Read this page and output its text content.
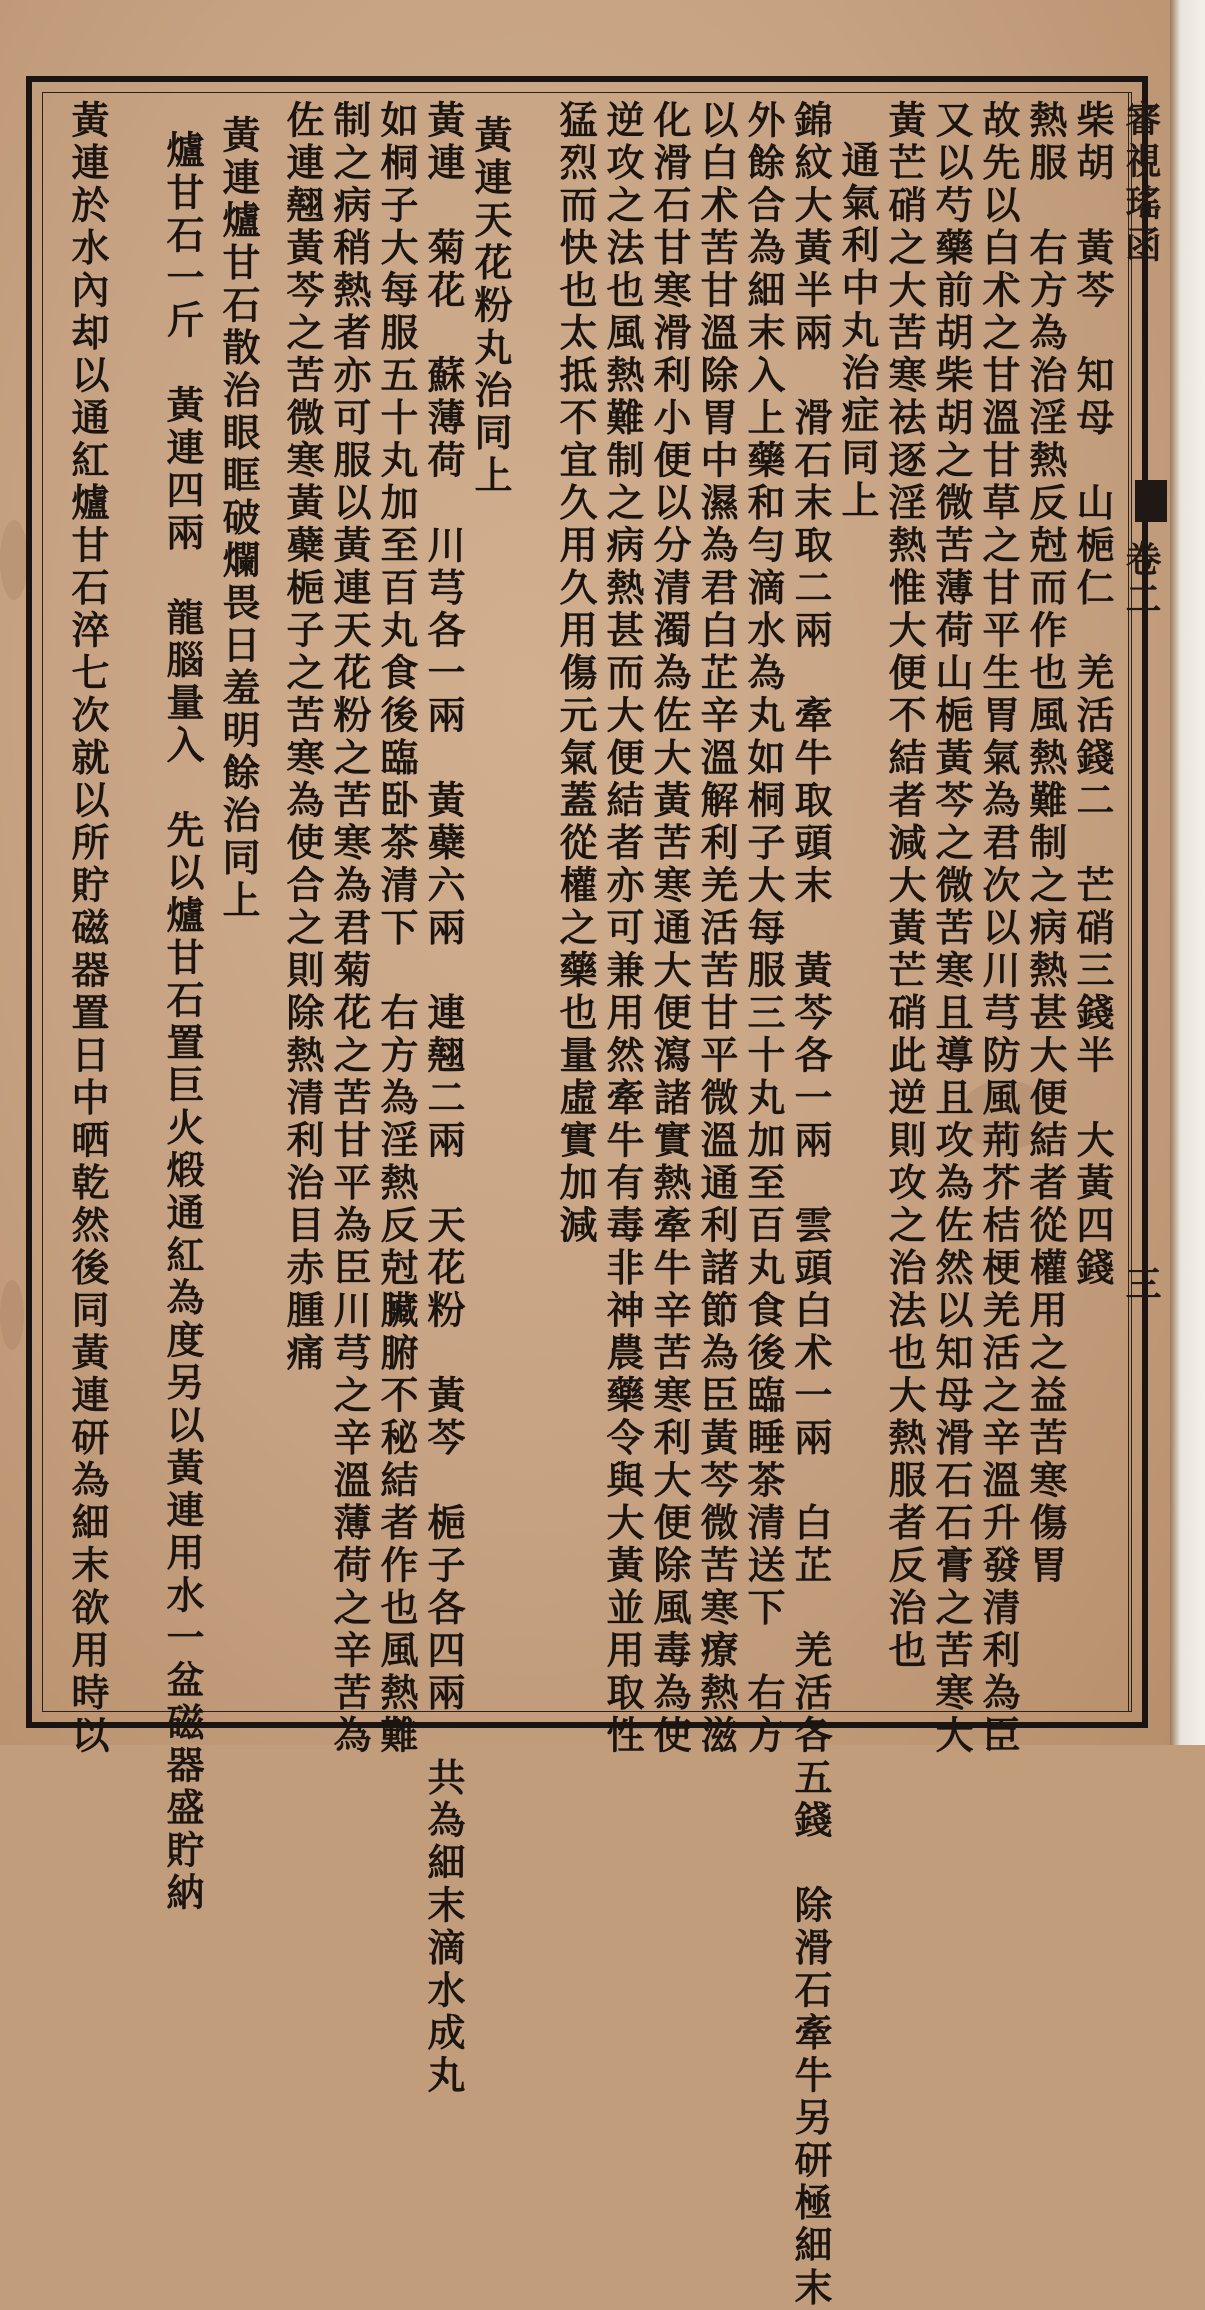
審視瑤函
卷二
三
柴胡　黃芩　知母　山梔仁　羌活錢二　芒硝三錢半　大黃四錢
熱服　右方為治淫熱反尅而作也風熱難制之病熱甚大便結者從權用之益苦寒傷胃
故先以白术之甘溫甘草之甘平生胃氣為君次以川芎防風荊芥桔梗羌活之辛溫升發清利為臣
又以芍藥前胡柴胡之微苦薄荷山梔黃芩之微苦寒且導且攻為佐然以知母滑石石膏之苦寒大
黃芒硝之大苦寒祛逐淫熱惟大便不結者減大黃芒硝此逆則攻之治法也大熱服者反治也
通氣利中丸治症同上
錦紋大黃半兩　滑石末取二兩　牽牛取頭末　黃芩各一兩　雲頭白术一兩　白芷　羌活各五錢　除滑石牽牛另研極細末
外餘合為細末入上藥和勻滴水為丸如桐子大每服三十丸加至百丸食後臨睡茶清送下　右方
以白术苦甘溫除胃中濕為君白芷辛溫解利羌活苦甘平微溫通利諸節為臣黃芩微苦寒療熱滋
化滑石甘寒滑利小便以分清濁為佐大黃苦寒通大便瀉諸實熱牽牛辛苦寒利大便除風毒為使
逆攻之法也風熱難制之病熱甚而大便結者亦可兼用然牽牛有毒非神農藥令與大黃並用取性
猛烈而快也太抵不宜久用久用傷元氣蓋從權之藥也量虛實加減
黃連天花粉丸治同上
黃連　菊花　蘇薄荷　川芎各一兩　黃蘗六兩　連翹二兩　天花粉　黃芩　梔子各四兩　共為細末滴水成丸
如桐子大每服五十丸加至百丸食後臨卧茶清下　右方為淫熱反尅臟腑不秘結者作也風熱難
制之病稍熱者亦可服以黃連天花粉之苦寒為君菊花之苦甘平為臣川芎之辛溫薄荷之辛苦為
佐連翹黃芩之苦微寒黃蘗梔子之苦寒為使合之則除熱清利治目赤腫痛
黃連爐甘石散治眼眶破爛畏日羞明餘治同上
爐甘石一斤　黃連四兩　龍腦量入　先以爐甘石置巨火煅通紅為度另以黃連用水一盆磁器盛貯納
黃連於水內却以通紅爐甘石淬七次就以所貯磁器置日中晒乾然後同黃連研為細末欲用時以
